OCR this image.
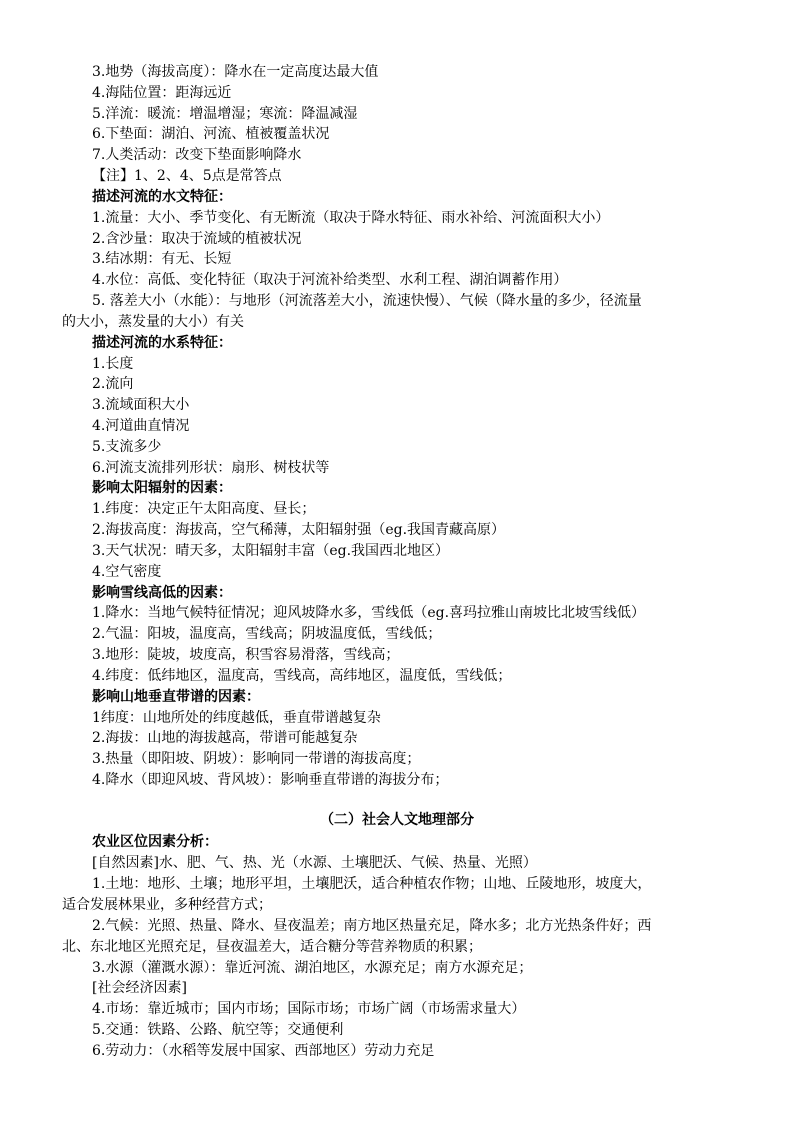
3.地势（海拔高度）：降水在一定高度达最大值
4.海陆位置：距海远近
5.洋流：暖流：增温增湿；寒流：降温减湿
6.下垫面：湖泊、河流、植被覆盖状况
7.人类活动：改变下垫面影响降水
【注】1、2、4、5点是常答点
描述河流的水文特征：
1.流量：大小、季节变化、有无断流（取决于降水特征、雨水补给、河流面积大小）
2.含沙量：取决于流域的植被状况
3.结冰期：有无、长短
4.水位：高低、变化特征（取决于河流补给类型、水利工程、湖泊调蓄作用）
5. 落差大小（水能）：与地形（河流落差大小，流速快慢）、气候（降水量的多少，径流量
的大小，蒸发量的大小）有关
描述河流的水系特征：
1.长度
2.流向
3.流域面积大小
4.河道曲直情况
5.支流多少
6.河流支流排列形状：扇形、树枝状等
影响太阳辐射的因素：
1.纬度：决定正午太阳高度、昼长；
2.海拔高度：海拔高，空气稀薄，太阳辐射强（eg.我国青藏高原）
3.天气状况：晴天多，太阳辐射丰富（eg.我国西北地区）
4.空气密度
影响雪线高低的因素：
1.降水：当地气候特征情况；迎风坡降水多，雪线低（eg.喜玛拉雅山南坡比北坡雪线低）
2.气温：阳坡，温度高，雪线高；阴坡温度低，雪线低；
3.地形：陡坡，坡度高，积雪容易滑落，雪线高；
4.纬度：低纬地区，温度高，雪线高，高纬地区，温度低，雪线低；
影响山地垂直带谱的因素：
1纬度：山地所处的纬度越低，垂直带谱越复杂
2.海拔：山地的海拔越高，带谱可能越复杂
3.热量（即阳坡、阴坡）：影响同一带谱的海拔高度；
4.降水（即迎风坡、背风坡）：影响垂直带谱的海拔分布；
（二）社会人文地理部分
农业区位因素分析：
[自然因素]水、肥、气、热、光（水源、土壤肥沃、气候、热量、光照）
1.土地：地形、土壤；地形平坦，土壤肥沃，适合种植农作物；山地、丘陵地形，坡度大，
适合发展林果业，多种经营方式；
2.气候：光照、热量、降水、昼夜温差；南方地区热量充足，降水多；北方光热条件好；西
北、东北地区光照充足，昼夜温差大，适合糖分等营养物质的积累；
3.水源（灌溉水源）：靠近河流、湖泊地区，水源充足；南方水源充足；
[社会经济因素]
4.市场：靠近城市；国内市场；国际市场；市场广阔（市场需求量大）
5.交通：铁路、公路、航空等；交通便利
6.劳动力：（水稻等发展中国家、西部地区）劳动力充足
